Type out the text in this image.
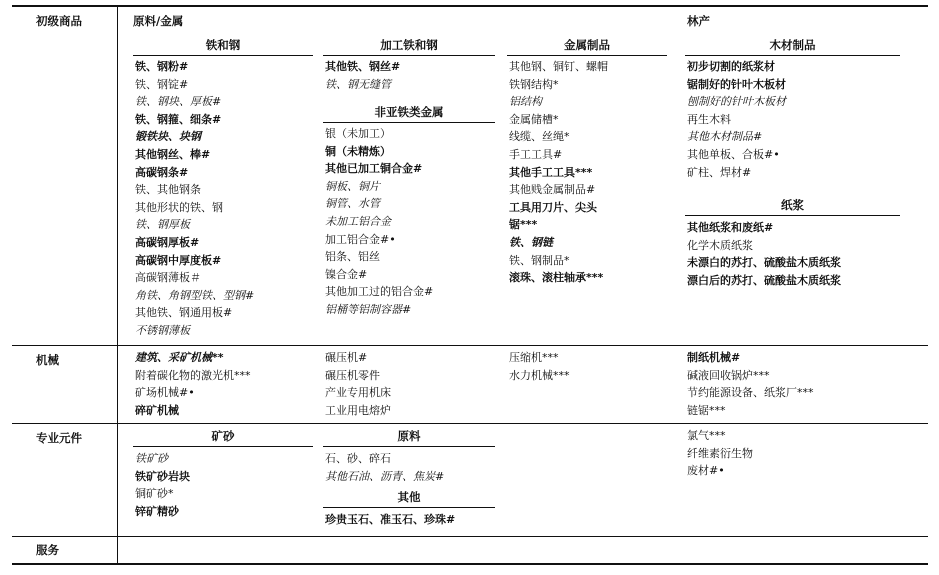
初级商品
机械
专业元件
服务
原料/金属	林产
铁和钢
铁、钢粉#
铁、钢锭#
铁、钢块、厚板#
铁、钢箍、细条#
锻铁块、块钢
其他钢丝、棒#
高碳钢条#
铁、其他钢条
其他形状的铁、钢
铁、钢厚板
高碳钢厚板#
高碳钢中厚度板#
高碳钢薄板＃
角铁、角钢型铁、型钢#
其他铁、钢通用板#
不锈钢薄板
加工铁和钢
其他铁、钢丝#
铁、钢无缝管
非亚铁类金属
银（未加工）
铜（未精炼）
其他已加工铜合金#
铜板、铜片
铜管、水管
未加工铝合金
加工铝合金#•
铝条、铝丝
镍合金#
其他加工过的铝合金#
铝桶等铝制容器#
金属制品
其他钢、铜钉、螺帽
铁钢结构*
铝结构
金属储槽*
线缆、丝绳*
手工工具#
其他手工工具***
其他贱金属制品#
工具用刀片、尖头
锯***
铁、钢链
铁、钢制品*
滚珠、滚柱轴承***
木材制品
初步切割的纸浆材
锯制好的针叶木板材
刨制好的针叶木板材
再生木料
其他木材制品#
其他单板、合板#•
矿柱、焊材#
纸浆
其他纸浆和废纸#
化学木质纸浆
未漂白的苏打、硫酸盐木质纸浆
漂白后的苏打、硫酸盐木质纸浆
建筑、采矿机械**
附着碳化物的激光机***
矿场机械#•
碎矿机械
碾压机#
碾压机零件
产业专用机床
工业用电熔炉
压缩机***
水力机械***
制纸机械#
碱液回收锅炉***
节约能源设备、纸浆厂***
链锯***
矿砂
铁矿砂
铁矿砂岩块
铜矿砂*
锌矿精砂
原料
石、砂、碎石
其他石油、沥青、焦炭#
其他
珍贵玉石、准玉石、珍珠#
氯气***
纤维素衍生物
废材#•
